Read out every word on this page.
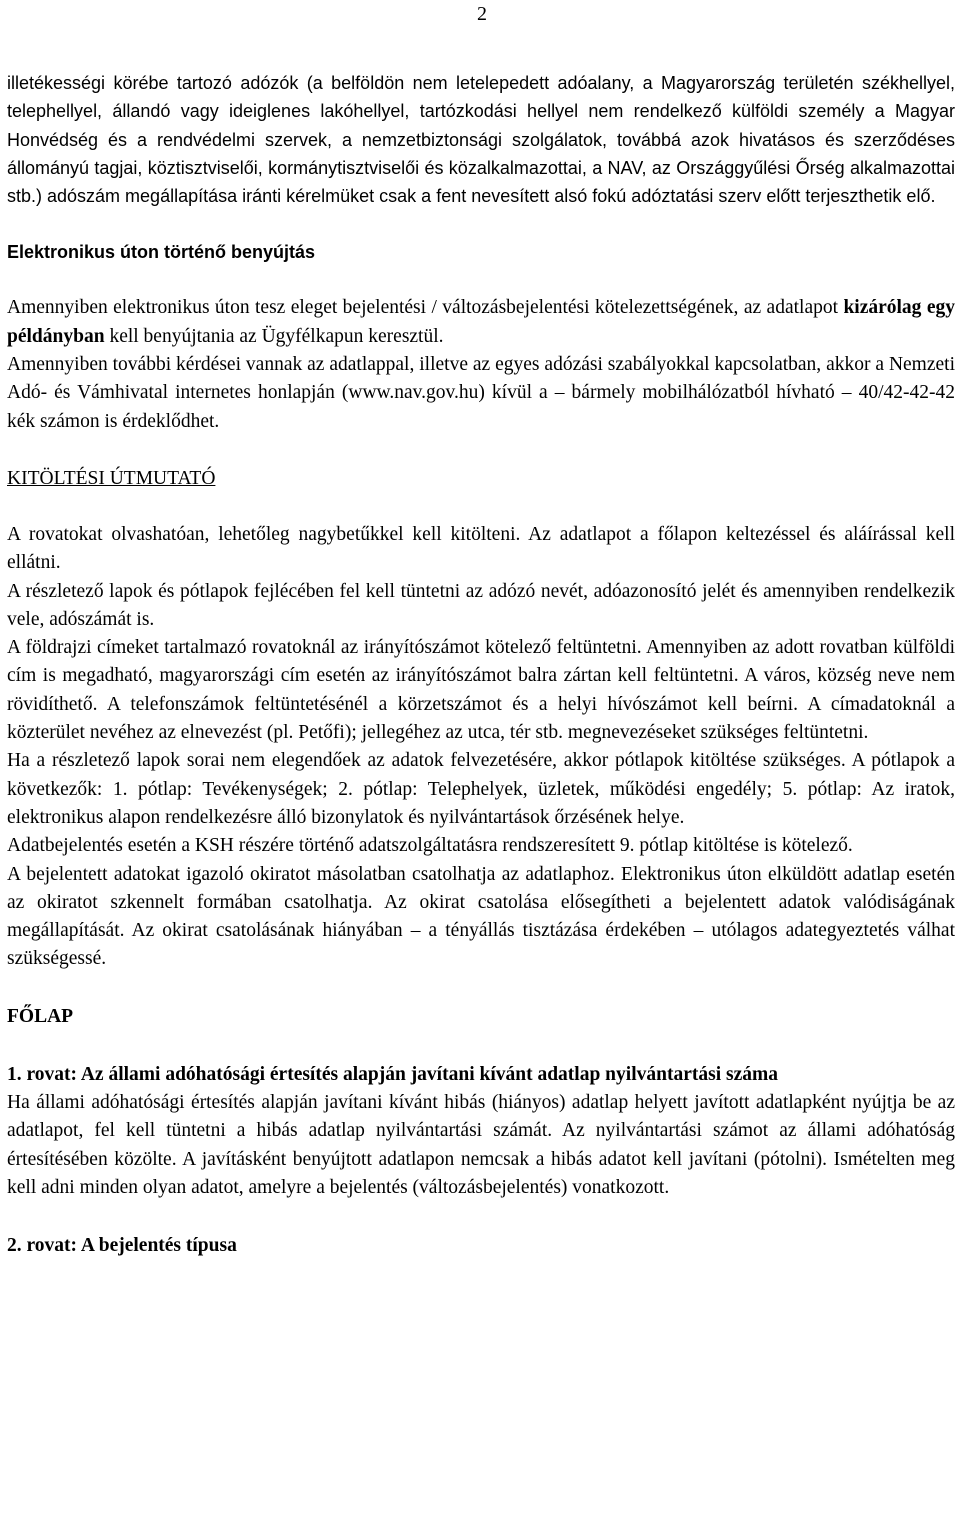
2

illetékességi körébe tartozó adózók (a belföldön nem letelepedett adóalany, a Magyarország területén székhellyel, telephellyel, állandó vagy ideiglenes lakóhellyel, tartózkodási hellyel nem rendelkező külföldi személy a Magyar Honvédség és a rendvédelmi szervek, a nemzetbiztonsági szolgálatok, továbbá azok hivatásos és szerződéses állományú tagjai, köztisztviselői, kormánytisztviselői és közalkalmazottai, a NAV, az Országgyűlési Őrség alkalmazottai stb.) adószám megállapítása iránti kérelmüket csak a fent nevesített alsó fokú adóztatási szerv előtt terjeszthetik elő.

Elektronikus úton történő benyújtás

Amennyiben elektronikus úton tesz eleget bejelentési / változásbejelentési kötelezettségének, az adatlapot kizárólag egy példányban kell benyújtania az Ügyfélkapun keresztül.

Amennyiben további kérdései vannak az adatlappal, illetve az egyes adózási szabályokkal kapcsolatban, akkor a Nemzeti Adó- és Vámhivatal internetes honlapján (www.nav.gov.hu) kívül a – bármely mobilhálózatból hívható – 40/42-42-42 kék számon is érdeklődhet.

KITÖLTÉSI ÚTMUTATÓ

A rovatokat olvashatóan, lehetőleg nagybetűkkel kell kitölteni. Az adatlapot a főlapon keltezéssel és aláírással kell ellátni.

A részletező lapok és pótlapok fejlécében fel kell tüntetni az adózó nevét, adóazonosító jelét és amennyiben rendelkezik vele, adószámát is.

A földrajzi címeket tartalmazó rovatoknál az irányítószámot kötelező feltüntetni. Amennyiben az adott rovatban külföldi cím is megadható, magyarországi cím esetén az irányítószámot balra zártan kell feltüntetni. A város, község neve nem rövidíthető. A telefonszámok feltüntetésénél a körzetszámot és a helyi hívószámot kell beírni. A címadatoknál a közterület nevéhez az elnevezést (pl. Petőfi); jellegéhez az utca, tér stb. megnevezéseket szükséges feltüntetni.

Ha a részletező lapok sorai nem elegendőek az adatok felvezetésére, akkor pótlapok kitöltése szükséges. A pótlapok a következők: 1. pótlap: Tevékenységek; 2. pótlap: Telephelyek, üzletek, működési engedély; 5. pótlap: Az iratok, elektronikus alapon rendelkezésre álló bizonylatok és nyilvántartások őrzésének helye.

Adatbejelentés esetén a KSH részére történő adatszolgáltatásra rendszeresített 9. pótlap kitöltése is kötelező.

A bejelentett adatokat igazoló okiratot másolatban csatolhatja az adatlaphoz. Elektronikus úton elküldött adatlap esetén az okiratot szkennelt formában csatolhatja. Az okirat csatolása elősegítheti a bejelentett adatok valódiságának megállapítását. Az okirat csatolásának hiányában – a tényállás tisztázása érdekében – utólagos adategyeztetés válhat szükségessé.

FŐLAP

1. rovat: Az állami adóhatósági értesítés alapján javítani kívánt adatlap nyilvántartási száma

Ha állami adóhatósági értesítés alapján javítani kívánt hibás (hiányos) adatlap helyett javított adatlapként nyújtja be az adatlapot, fel kell tüntetni a hibás adatlap nyilvántartási számát. Az nyilvántartási számot az állami adóhatóság értesítésében közölte. A javításként benyújtott adatlapon nemcsak a hibás adatot kell javítani (pótolni). Ismételten meg kell adni minden olyan adatot, amelyre a bejelentés (változásbejelentés) vonatkozott.

2. rovat: A bejelentés típusa
